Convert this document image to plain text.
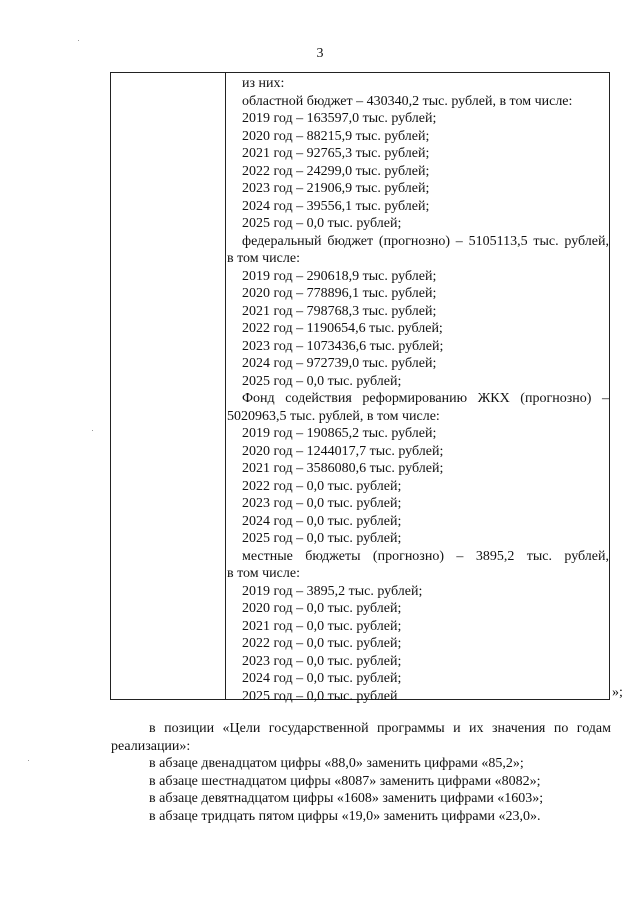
3
из них:
областной бюджет – 430340,2 тыс. рублей, в том числе:
2019 год – 163597,0 тыс. рублей;
2020 год – 88215,9 тыс. рублей;
2021 год – 92765,3 тыс. рублей;
2022 год – 24299,0 тыс. рублей;
2023 год – 21906,9 тыс. рублей;
2024 год – 39556,1 тыс. рублей;
2025 год – 0,0 тыс. рублей;
федеральный бюджет (прогнозно) – 5105113,5 тыс. рублей,
в том числе:
2019 год – 290618,9 тыс. рублей;
2020 год – 778896,1 тыс. рублей;
2021 год – 798768,3 тыс. рублей;
2022 год – 1190654,6 тыс. рублей;
2023 год – 1073436,6 тыс. рублей;
2024 год – 972739,0 тыс. рублей;
2025 год – 0,0 тыс. рублей;
Фонд содействия реформированию ЖКХ (прогнозно) –
5020963,5 тыс. рублей, в том числе:
2019 год – 190865,2 тыс. рублей;
2020 год – 1244017,7 тыс. рублей;
2021 год – 3586080,6 тыс. рублей;
2022 год – 0,0 тыс. рублей;
2023 год – 0,0 тыс. рублей;
2024 год – 0,0 тыс. рублей;
2025 год – 0,0 тыс. рублей;
местные бюджеты (прогнозно) – 3895,2 тыс. рублей,
в том числе:
2019 год – 3895,2 тыс. рублей;
2020 год – 0,0 тыс. рублей;
2021 год – 0,0 тыс. рублей;
2022 год – 0,0 тыс. рублей;
2023 год – 0,0 тыс. рублей;
2024 год – 0,0 тыс. рублей;
2025 год – 0,0 тыс. рублей	»;
в позиции «Цели государственной программы и их значения по годам реализации»:
в абзаце двенадцатом цифры «88,0» заменить цифрами «85,2»;
в абзаце шестнадцатом цифры «8087» заменить цифрами «8082»;
в абзаце девятнадцатом цифры «1608» заменить цифрами «1603»;
в абзаце тридцать пятом цифры «19,0» заменить цифрами «23,0».
